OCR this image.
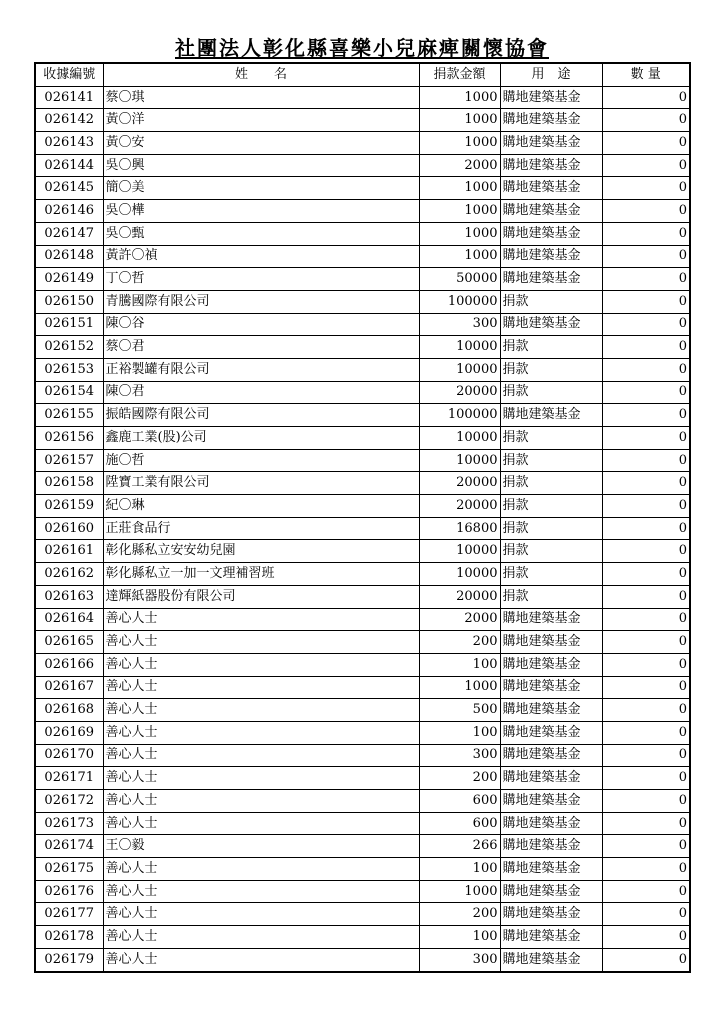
社團法人彰化縣喜樂小兒麻痺關懷協會
收據編號	姓　　名	捐款金額	用　途	數 量
026141	蔡〇琪	1000	購地建築基金	0
026142	黃〇洋	1000	購地建築基金	0
026143	黃〇安	1000	購地建築基金	0
026144	吳〇興	2000	購地建築基金	0
026145	簡〇美	1000	購地建築基金	0
026146	吳〇樺	1000	購地建築基金	0
026147	吳〇甄	1000	購地建築基金	0
026148	黃許〇禎	1000	購地建築基金	0
026149	丁〇哲	50000	購地建築基金	0
026150	青騰國際有限公司	100000	捐款	0
026151	陳〇谷	300	購地建築基金	0
026152	蔡〇君	10000	捐款	0
026153	正裕製罐有限公司	10000	捐款	0
026154	陳〇君	20000	捐款	0
026155	振皓國際有限公司	100000	購地建築基金	0
026156	鑫鹿工業(股)公司	10000	捐款	0
026157	施〇哲	10000	捐款	0
026158	陞寶工業有限公司	20000	捐款	0
026159	紀〇琳	20000	捐款	0
026160	正莊食品行	16800	捐款	0
026161	彰化縣私立安安幼兒園	10000	捐款	0
026162	彰化縣私立一加一文理補習班	10000	捐款	0
026163	達輝紙器股份有限公司	20000	捐款	0
026164	善心人士	2000	購地建築基金	0
026165	善心人士	200	購地建築基金	0
026166	善心人士	100	購地建築基金	0
026167	善心人士	1000	購地建築基金	0
026168	善心人士	500	購地建築基金	0
026169	善心人士	100	購地建築基金	0
026170	善心人士	300	購地建築基金	0
026171	善心人士	200	購地建築基金	0
026172	善心人士	600	購地建築基金	0
026173	善心人士	600	購地建築基金	0
026174	王〇毅	266	購地建築基金	0
026175	善心人士	100	購地建築基金	0
026176	善心人士	1000	購地建築基金	0
026177	善心人士	200	購地建築基金	0
026178	善心人士	100	購地建築基金	0
026179	善心人士	300	購地建築基金	0
